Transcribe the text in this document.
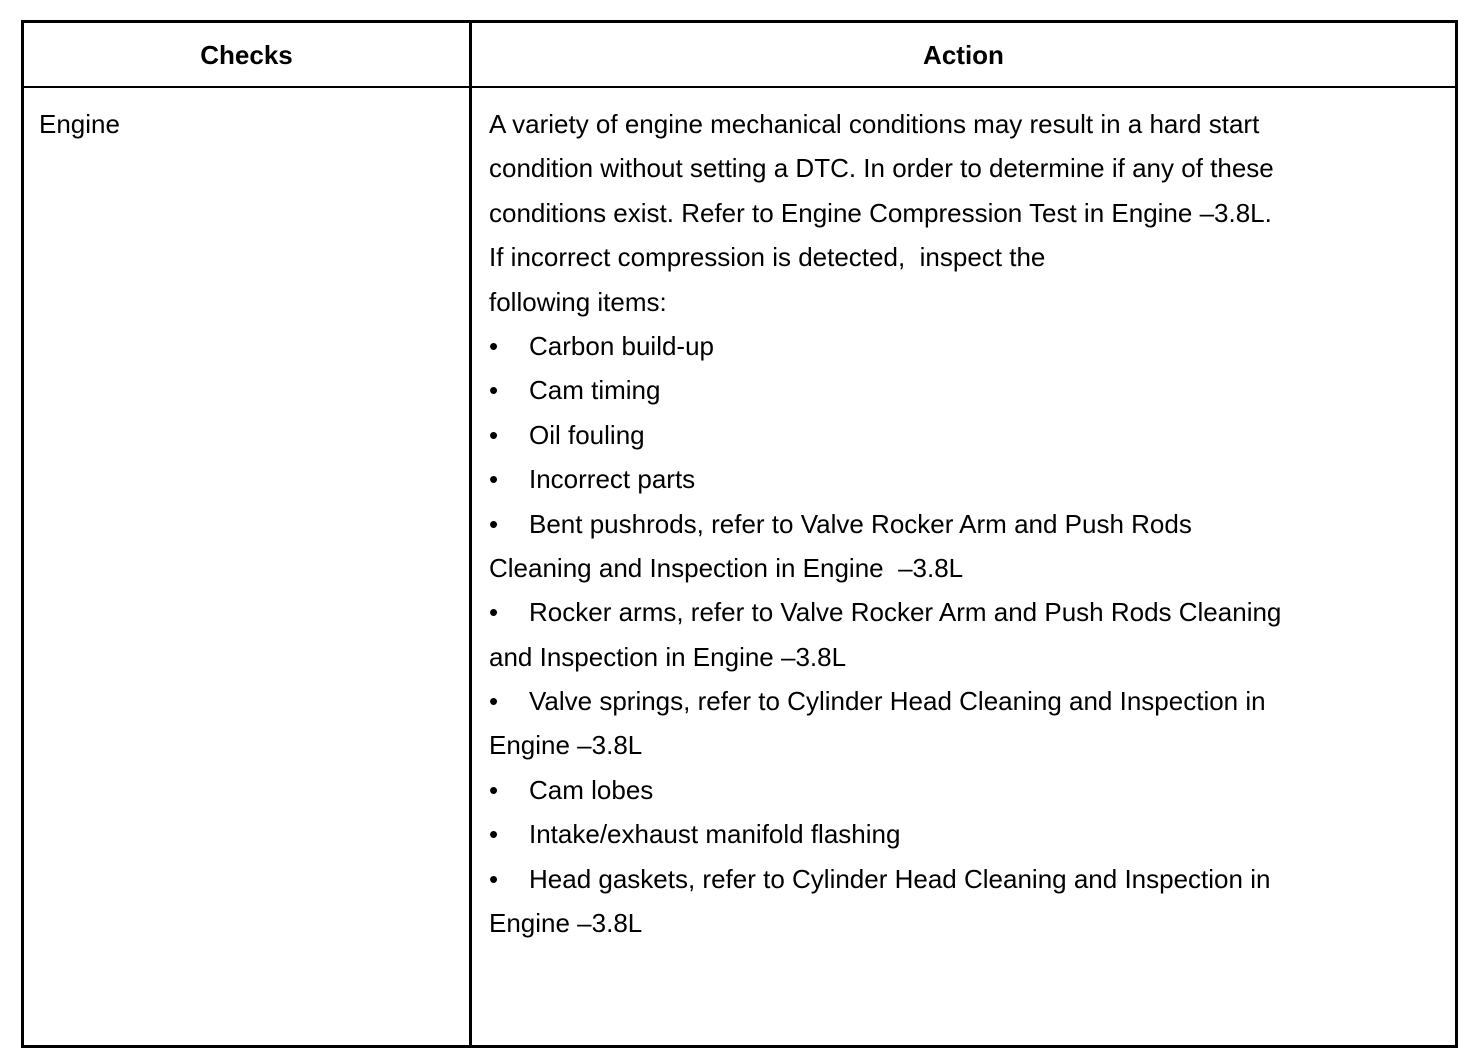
Checks	Action
Engine	A variety of engine mechanical conditions may result in a hard start
condition without setting a DTC. In order to determine if any of these
conditions exist. Refer to Engine Compression Test in Engine –3.8L.
If incorrect compression is detected,  inspect the
following items:
• Carbon build-up
• Cam timing
• Oil fouling
• Incorrect parts
• Bent pushrods, refer to Valve Rocker Arm and Push Rods
Cleaning and Inspection in Engine  –3.8L
• Rocker arms, refer to Valve Rocker Arm and Push Rods Cleaning
and Inspection in Engine –3.8L
• Valve springs, refer to Cylinder Head Cleaning and Inspection in
Engine –3.8L
• Cam lobes
• Intake/exhaust manifold flashing
• Head gaskets, refer to Cylinder Head Cleaning and Inspection in
Engine –3.8L
